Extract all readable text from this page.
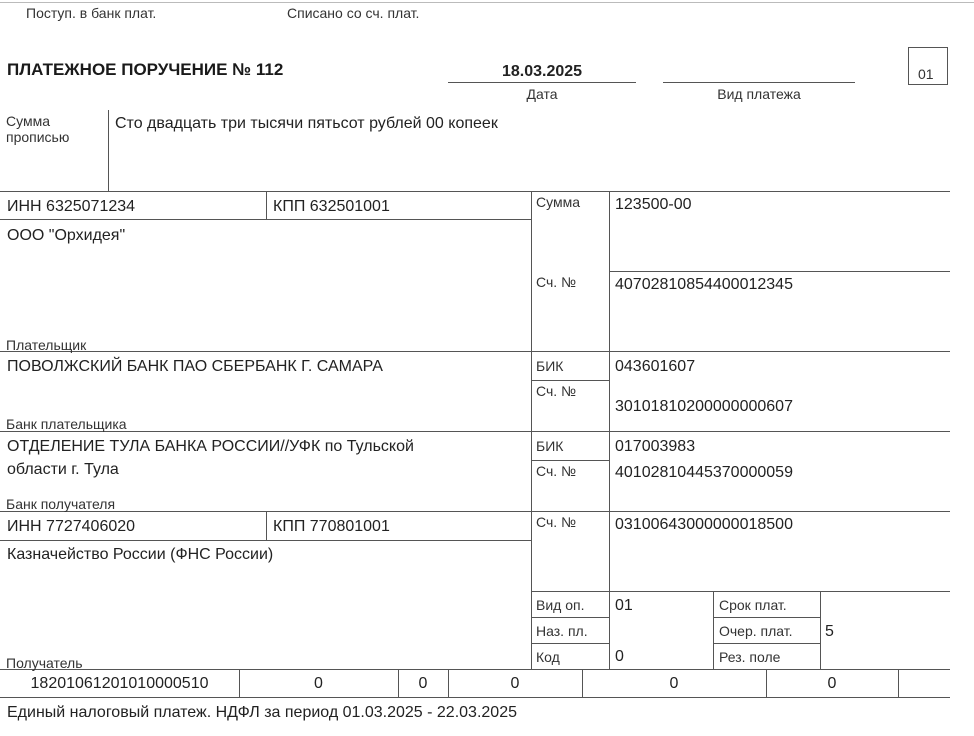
Поступ. в банк плат.	Списано со сч. плат.
ПЛАТЕЖНОЕ ПОРУЧЕНИЕ № 112	18.03.2025
Дата	Вид платежа
01
Сумма прописью
Сто двадцать три тысячи пятьсот рублей 00 копеек
ИНН 6325071234	КПП 632501001
ООО "Орхидея"
Плательщик
Сумма 123500-00
Сч. № 40702810854400012345
ПОВОЛЖСКИЙ БАНК ПАО СБЕРБАНК Г. САМАРА
Банк плательщика
БИК	043601607
Сч. №
30101810200000000607
ОТДЕЛЕНИЕ ТУЛА БАНКА РОССИИ//УФК по Тульской
области г. Тула
Банк получателя
БИК	017003983
Сч. № 40102810445370000059
ИНН 7727406020	КПП 770801001
Казначейство России (ФНС России)
Получатель
Сч. № 03100643000000018500
Вид оп. 01
Наз. пл.
Код	0
Срок плат.
Очер. плат. 5
Рез. поле
18201061201010000510	0	0	0	0	0
Единый налоговый платеж. НДФЛ за период 01.03.2025 - 22.03.2025
